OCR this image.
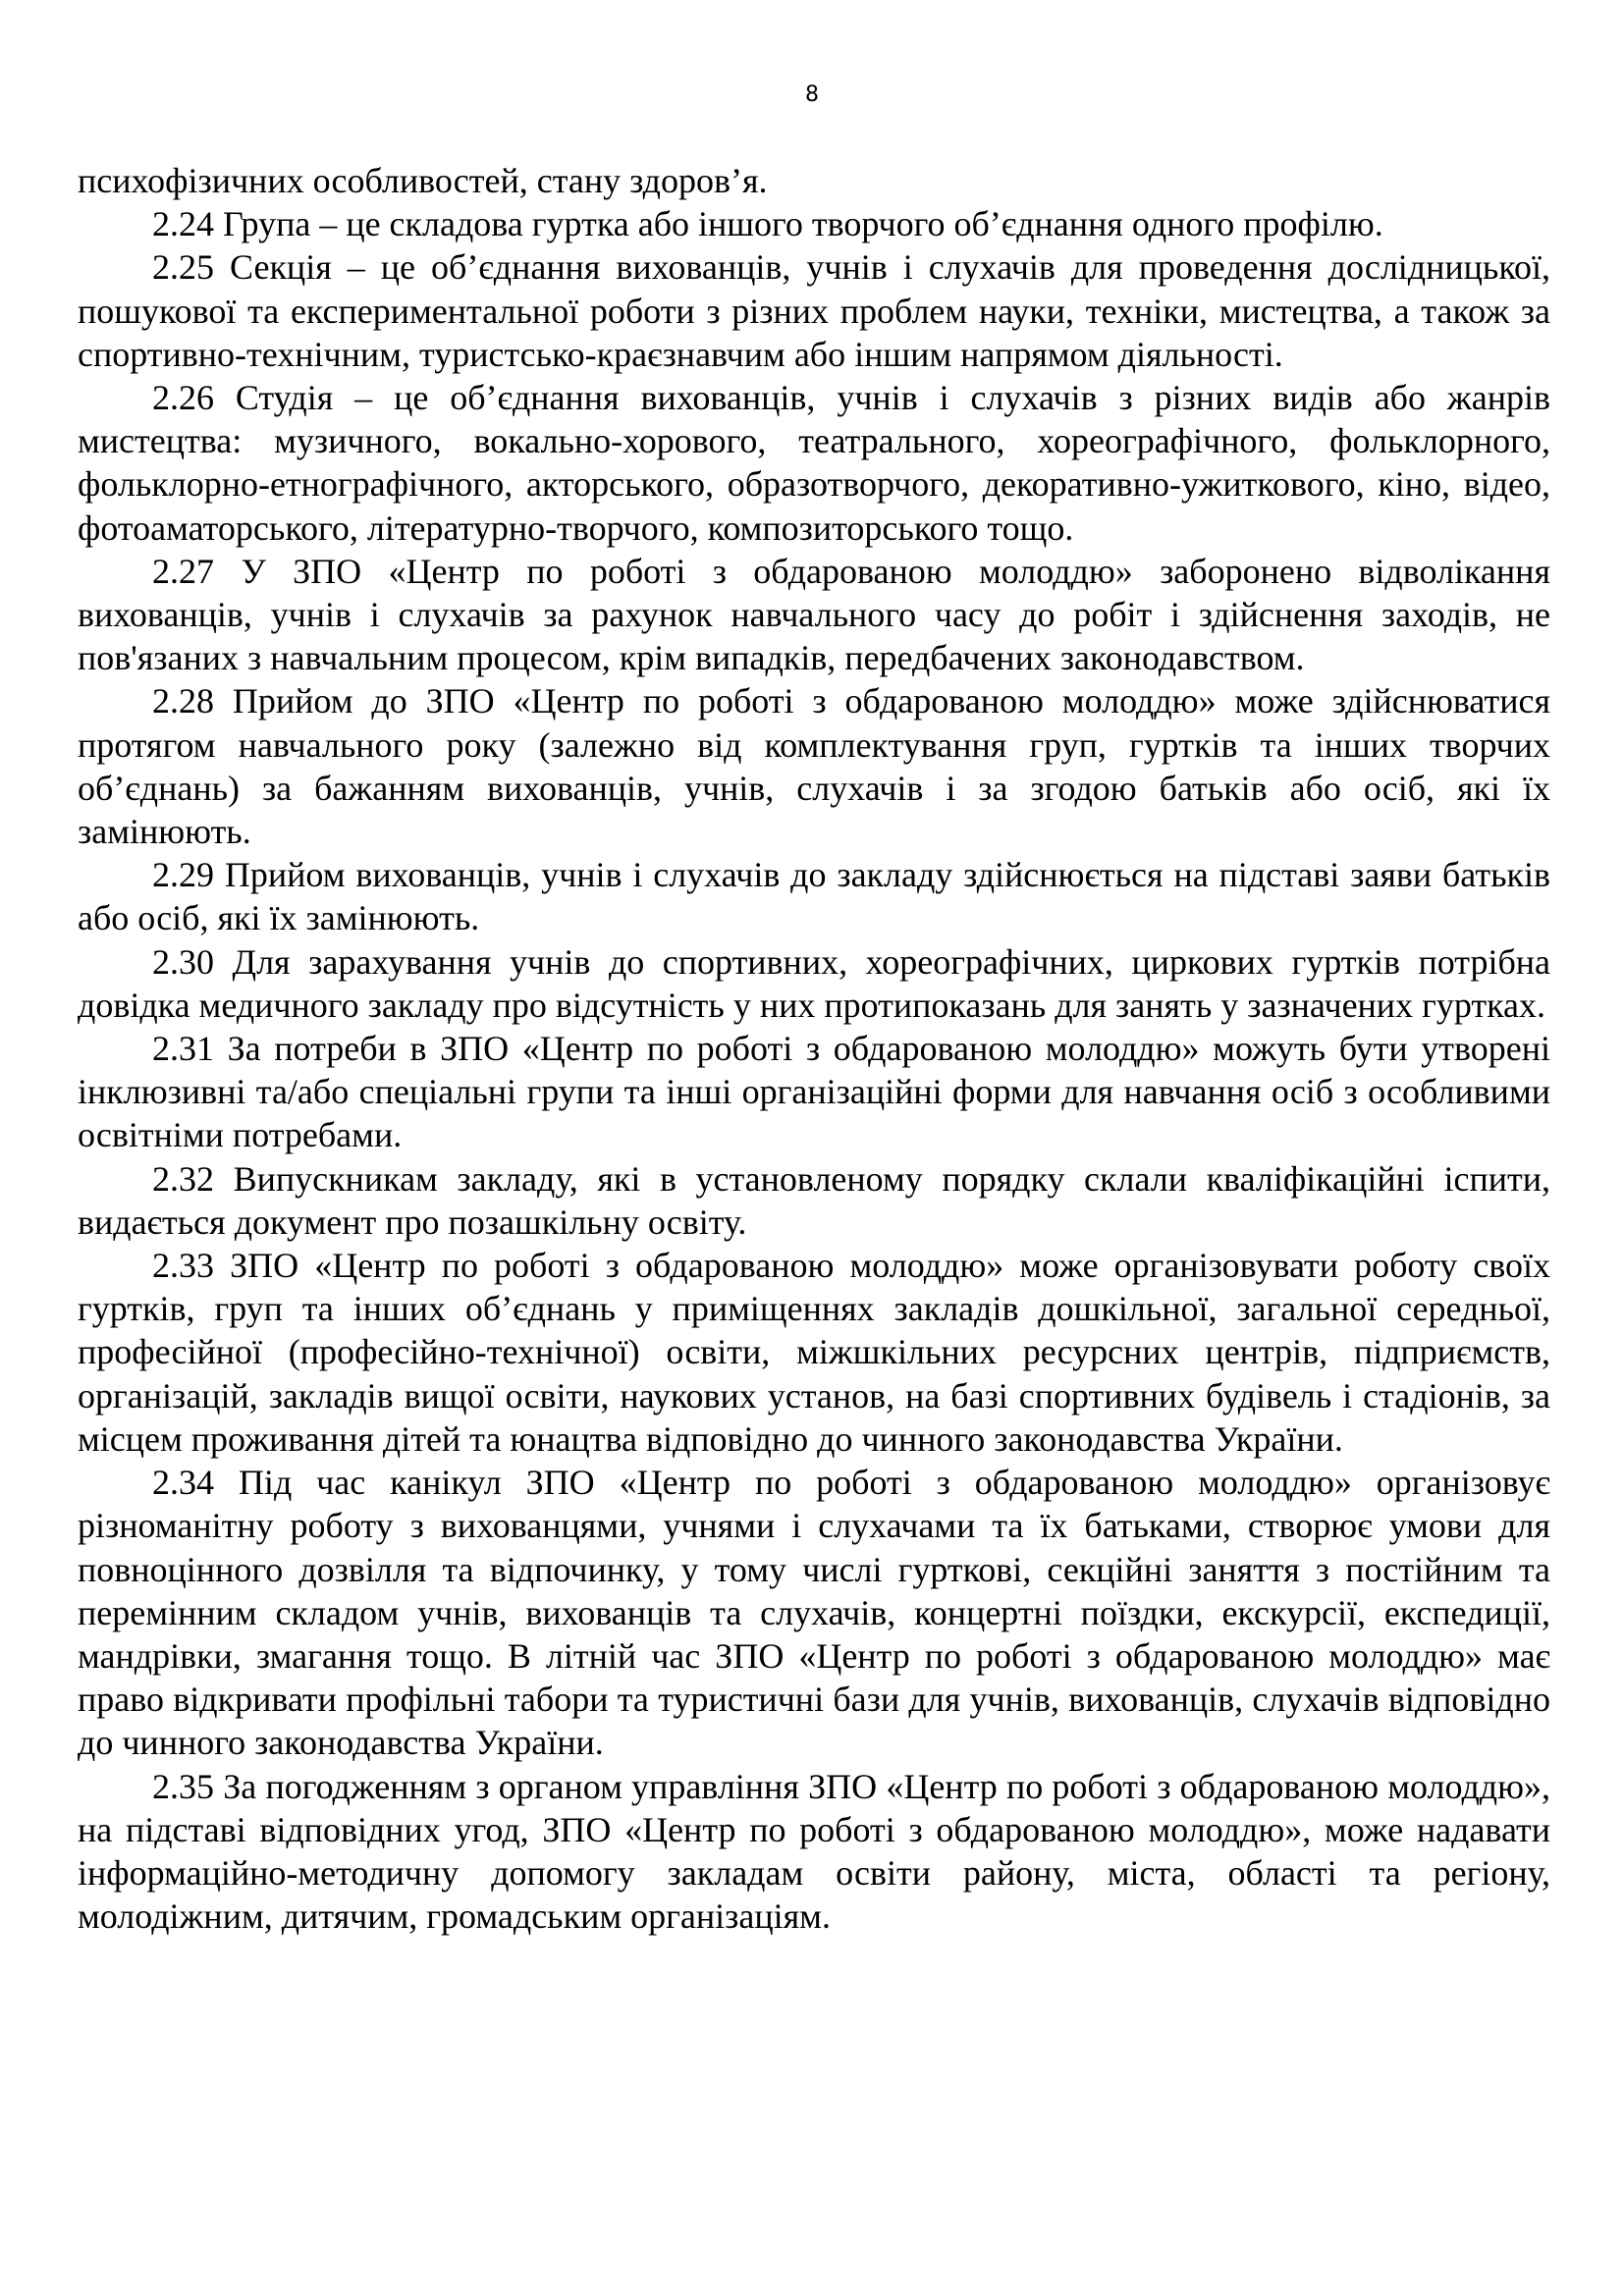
8

психофізичних особливостей, стану здоров’я.

2.24 Група – це складова гуртка або іншого творчого об’єднання одного профілю.

2.25 Секція – це об’єднання вихованців, учнів і слухачів для проведення дослідницької, пошукової та експериментальної роботи з різних проблем науки, техніки, мистецтва, а також за спортивно-технічним, туристсько-краєзнавчим або іншим напрямом діяльності.

2.26 Студія – це об’єднання вихованців, учнів і слухачів з різних видів або жанрів мистецтва: музичного, вокально-хорового, театрального, хореографічного, фольклорного, фольклорно-етнографічного, акторського, образотворчого, декоративно-ужиткового, кіно, відео, фотоаматорського, літературно-творчого, композиторського тощо.

2.27 У ЗПО «Центр по роботі з обдарованою молоддю» заборонено відволікання вихованців, учнів і слухачів за рахунок навчального часу до робіт і здійснення заходів, не пов'язаних з навчальним процесом, крім випадків, передбачених законодавством.

2.28 Прийом до ЗПО «Центр по роботі з обдарованою молоддю» може здійснюватися протягом навчального року (залежно від комплектування груп, гуртків та інших творчих об’єднань) за бажанням вихованців, учнів, слухачів і за згодою батьків або осіб, які їх замінюють.

2.29 Прийом вихованців, учнів і слухачів до закладу здійснюється на підставі заяви батьків або осіб, які їх замінюють.

2.30 Для зарахування учнів до спортивних, хореографічних, циркових гуртків потрібна довідка медичного закладу про відсутність у них протипоказань для занять у зазначених гуртках.

2.31 За потреби в ЗПО «Центр по роботі з обдарованою молоддю» можуть бути утворені інклюзивні та/або спеціальні групи та інші організаційні форми для навчання осіб з особливими освітніми потребами.

2.32 Випускникам закладу, які в установленому порядку склали кваліфікаційні іспити, видається документ про позашкільну освіту.

2.33 ЗПО «Центр по роботі з обдарованою молоддю» може організовувати роботу своїх гуртків, груп та інших об’єднань у приміщеннях закладів дошкільної, загальної середньої, професійної (професійно-технічної) освіти, міжшкільних ресурсних центрів, підприємств, організацій, закладів вищої освіти, наукових установ, на базі спортивних будівель і стадіонів, за місцем проживання дітей та юнацтва відповідно до чинного законодавства України.

2.34 Під час канікул ЗПО «Центр по роботі з обдарованою молоддю» організовує різноманітну роботу з вихованцями, учнями і слухачами та їх батьками, створює умови для повноцінного дозвілля та відпочинку, у тому числі гурткові, секційні заняття з постійним та перемінним складом учнів, вихованців та слухачів, концертні поїздки, екскурсії, експедиції, мандрівки, змагання тощо. В літній час ЗПО «Центр по роботі з обдарованою молоддю» має право відкривати профільні табори та туристичні бази для учнів, вихованців, слухачів відповідно до чинного законодавства України.

2.35 За погодженням з органом управління ЗПО «Центр по роботі з обдарованою молоддю», на підставі відповідних угод, ЗПО «Центр по роботі з обдарованою молоддю», може надавати інформаційно-методичну допомогу закладам освіти району, міста, області та регіону, молодіжним, дитячим, громадським організаціям.
